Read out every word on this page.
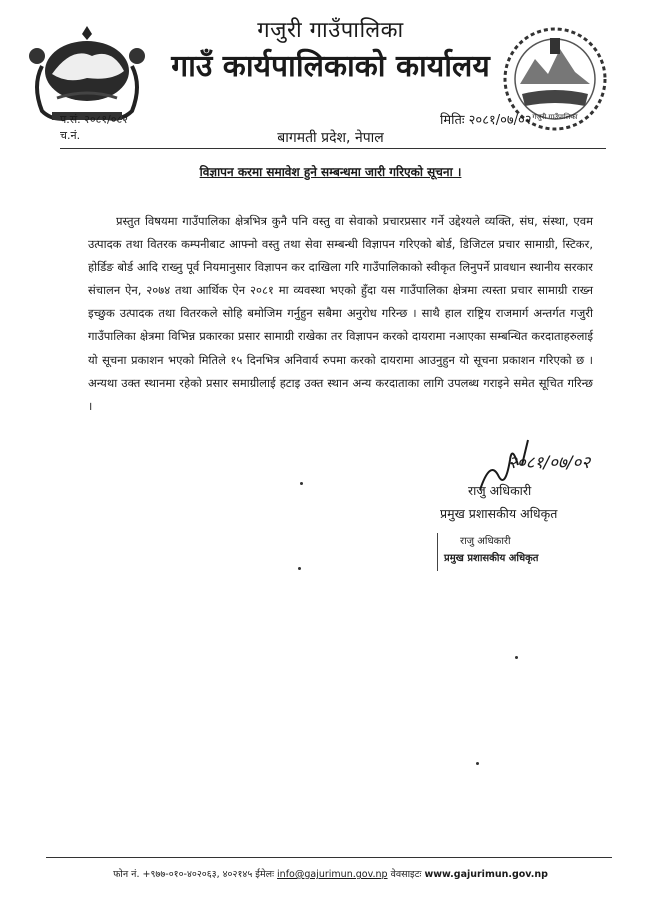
गजुरी गाउँपालिका
गजुरी गाउँपालिका
गाउँ कार्यपालिकाको कार्यालय
बागमती प्रदेश, नेपाल
प.सं. २०८१/०८२
च.नं.
मितिः २०८१/०७/०२
विज्ञापन करमा समावेश हुने सम्बन्धमा जारी गरिएको सूचना ।

प्रस्तुत विषयमा गाउँपालिका क्षेत्रभित्र कुनै पनि वस्तु वा सेवाको प्रचारप्रसार गर्ने उद्देश्यले व्यक्ति, संघ, संस्था, एवम उत्पादक तथा वितरक कम्पनीबाट आफ्नो वस्तु तथा सेवा सम्बन्धी विज्ञापन गरिएको बोर्ड, डिजिटल प्रचार सामाग्री, स्टिकर, होर्डिङ बोर्ड आदि राख्नु पूर्व नियमानुसार विज्ञापन कर दाखिला गरि गाउँपालिकाको स्वीकृत लिनुपर्ने प्रावधान स्थानीय सरकार संचालन ऐन, २०७४ तथा आर्थिक ऐन २०८१ मा व्यवस्था भएको हुँदा यस गाउँपालिका क्षेत्रमा त्यस्ता प्रचार सामाग्री राख्न इच्छुक उत्पादक तथा वितरकले सोहि बमोजिम गर्नुहुन सबैमा अनुरोध गरिन्छ । साथै हाल राष्ट्रिय राजमार्ग अन्तर्गत गजुरी गाउँपालिका क्षेत्रमा विभिन्न प्रकारका प्रसार सामाग्री राखेका तर विज्ञापन करको दायरामा नआएका सम्बन्धित करदाताहरुलाई यो सूचना प्रकाशन भएको मितिले १५ दिनभित्र अनिवार्य रुपमा करको दायरामा आउनुहुन यो सूचना प्रकाशन गरिएको छ । अन्यथा उक्त स्थानमा रहेको प्रसार समाग्रीलाई हटाइ उक्त स्थान अन्य करदाताका लागि उपलब्ध गराइने समेत सूचित गरिन्छ ।

२०८१/०७/०२
राजु अधिकारी
प्रमुख प्रशासकीय अधिकृत
राजु अधिकारी
प्रमुख प्रशासकीय अधिकृत
फोन नं. +९७७-०१०-४०२०६३, ४०२१४५ ईमेलः info@gajurimun.gov.np वेवसाइटः www.gajurimun.gov.np
